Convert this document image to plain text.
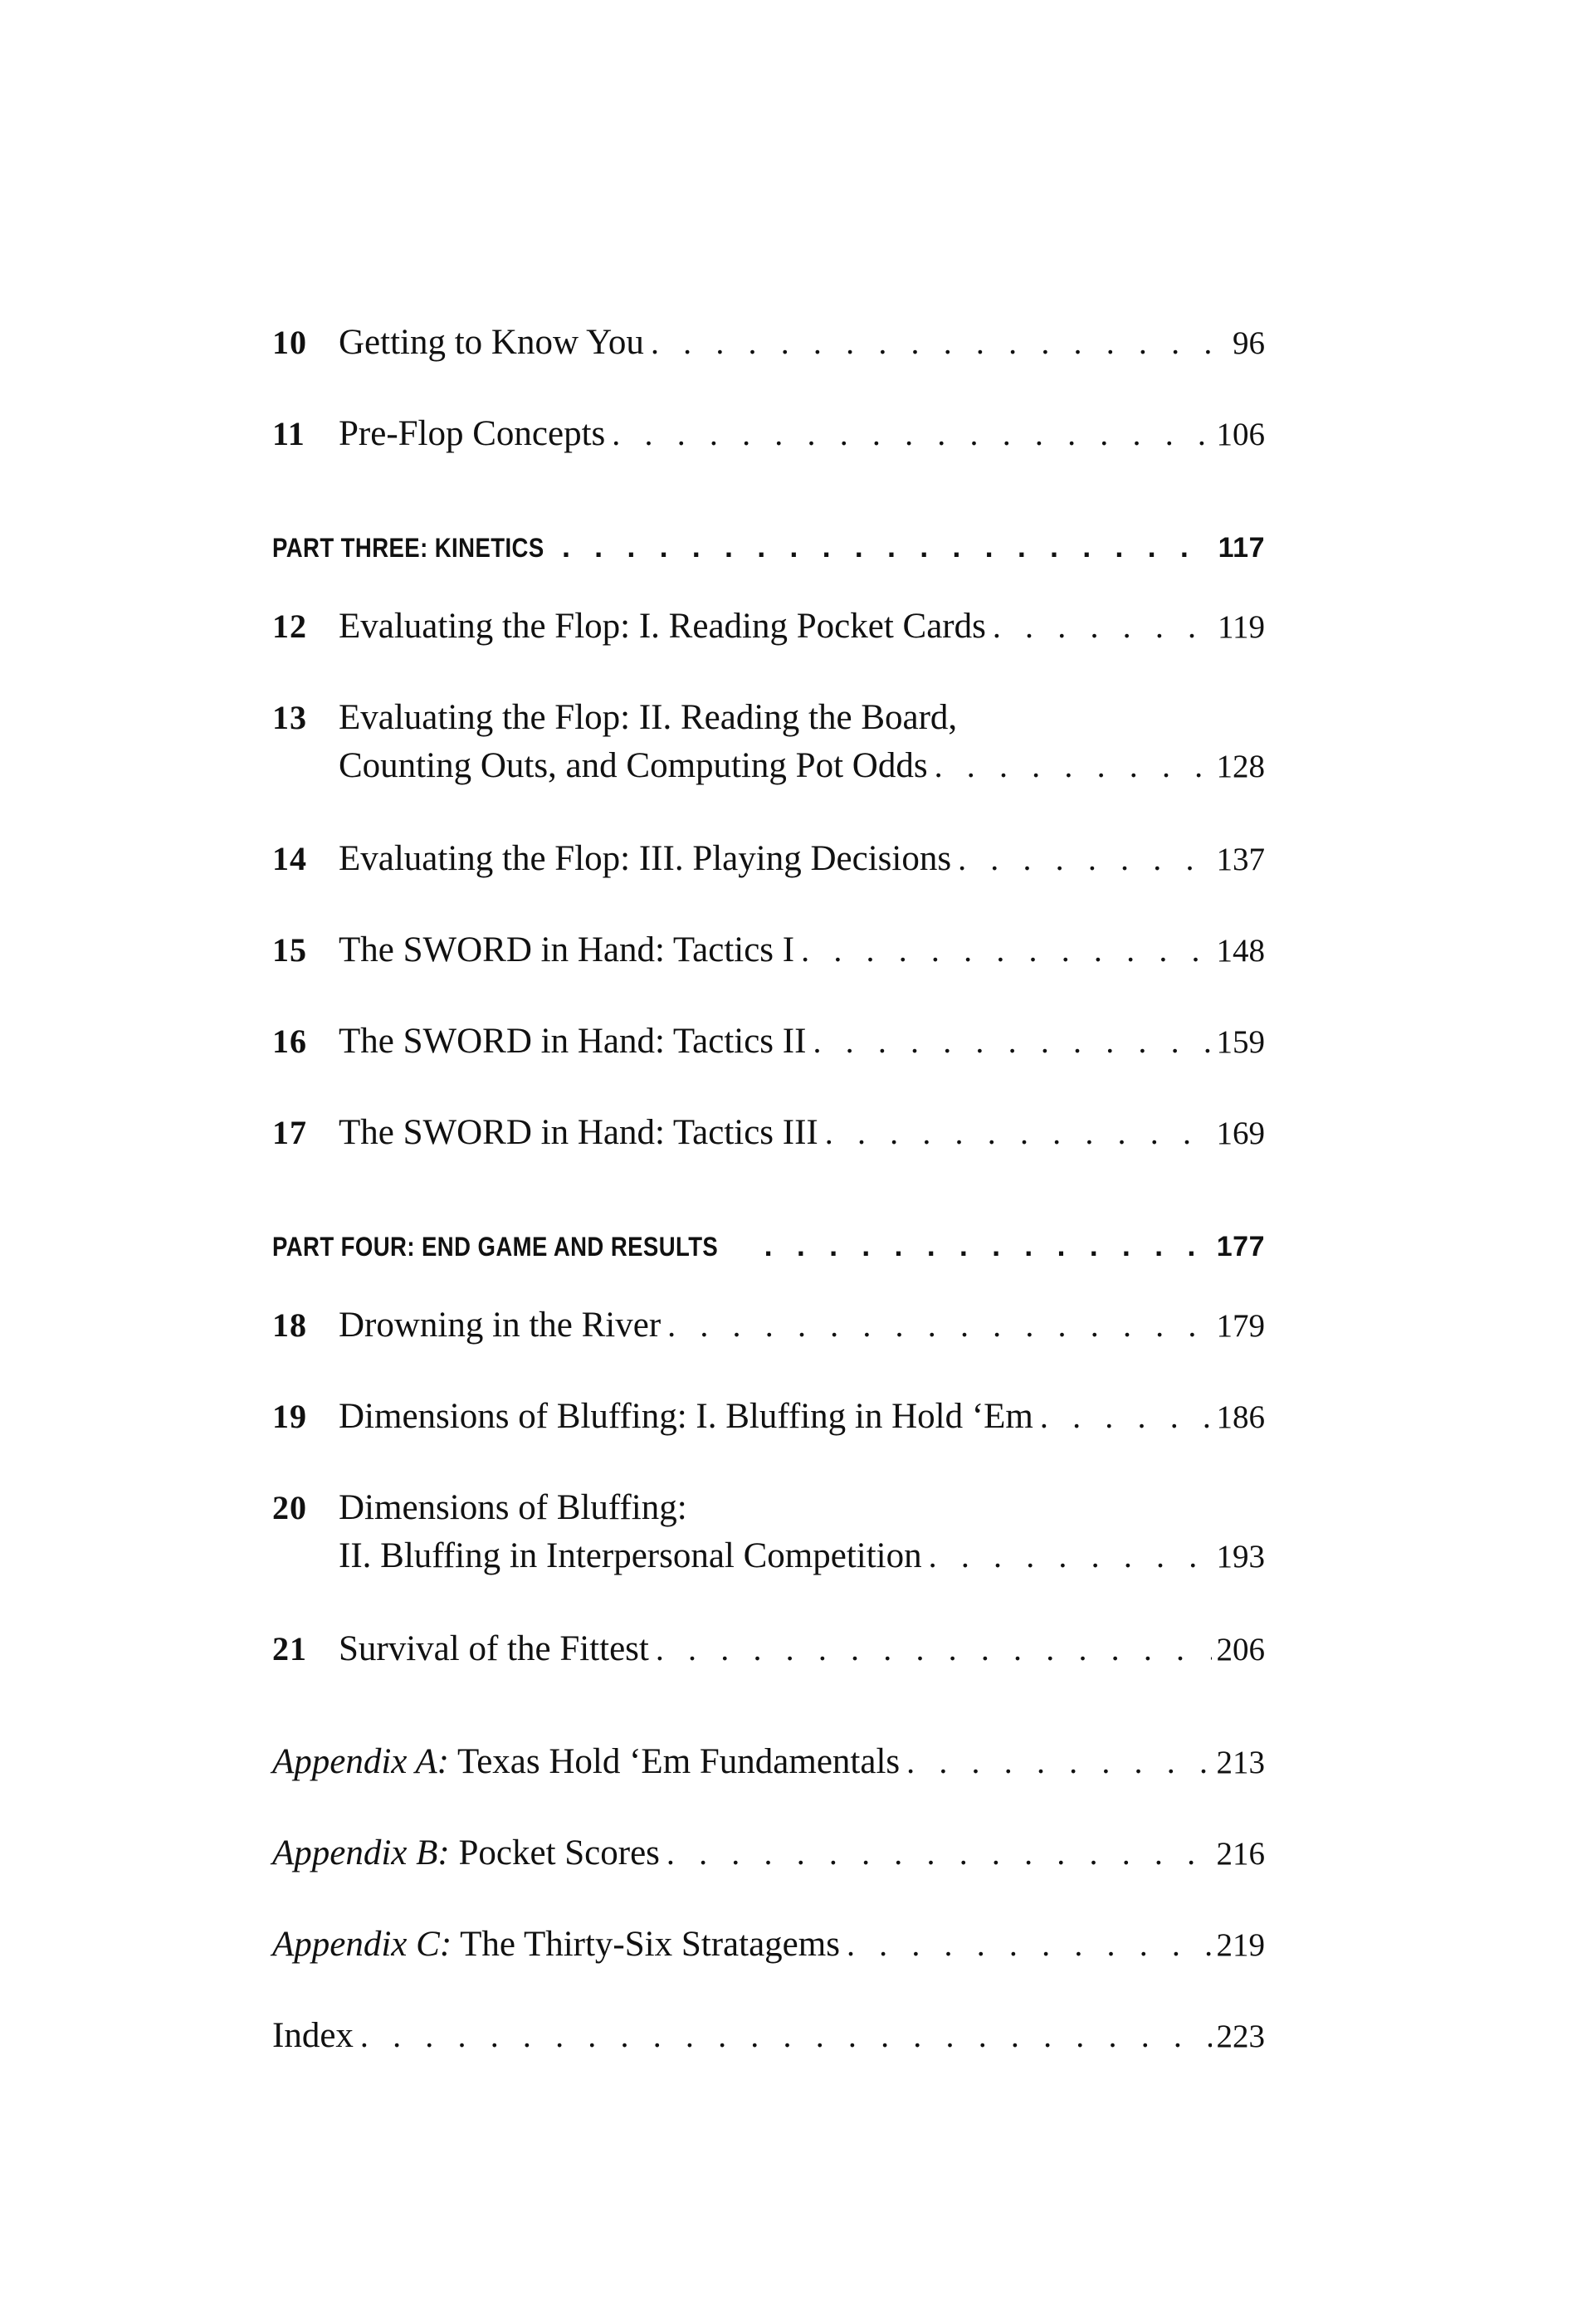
10 Getting to Know You . . .	96
11 Pre-Flop Concepts . . .	106
PART THREE: KINETICS . . .	117
12 Evaluating the Flop: I. Reading Pocket Cards . . .	119
13 Evaluating the Flop: II. Reading the Board,
Counting Outs, and Computing Pot Odds . . .	128
14 Evaluating the Flop: III. Playing Decisions . . .	137
15 The SWORD in Hand: Tactics I . . .	148
16 The SWORD in Hand: Tactics II . . .	159
17 The SWORD in Hand: Tactics III . . .	169
PART FOUR: END GAME AND RESULTS . . .	177
18 Drowning in the River . . .	179
19 Dimensions of Bluffing: I. Bluffing in Hold ‘Em . . .	186
20 Dimensions of Bluffing:
II. Bluffing in Interpersonal Competition . . .	193
21 Survival of the Fittest . . .	206
Appendix A: Texas Hold ‘Em Fundamentals . . .	213
Appendix B: Pocket Scores . . .	216
Appendix C: The Thirty-Six Stratagems . . .	219
Index . . .	223
